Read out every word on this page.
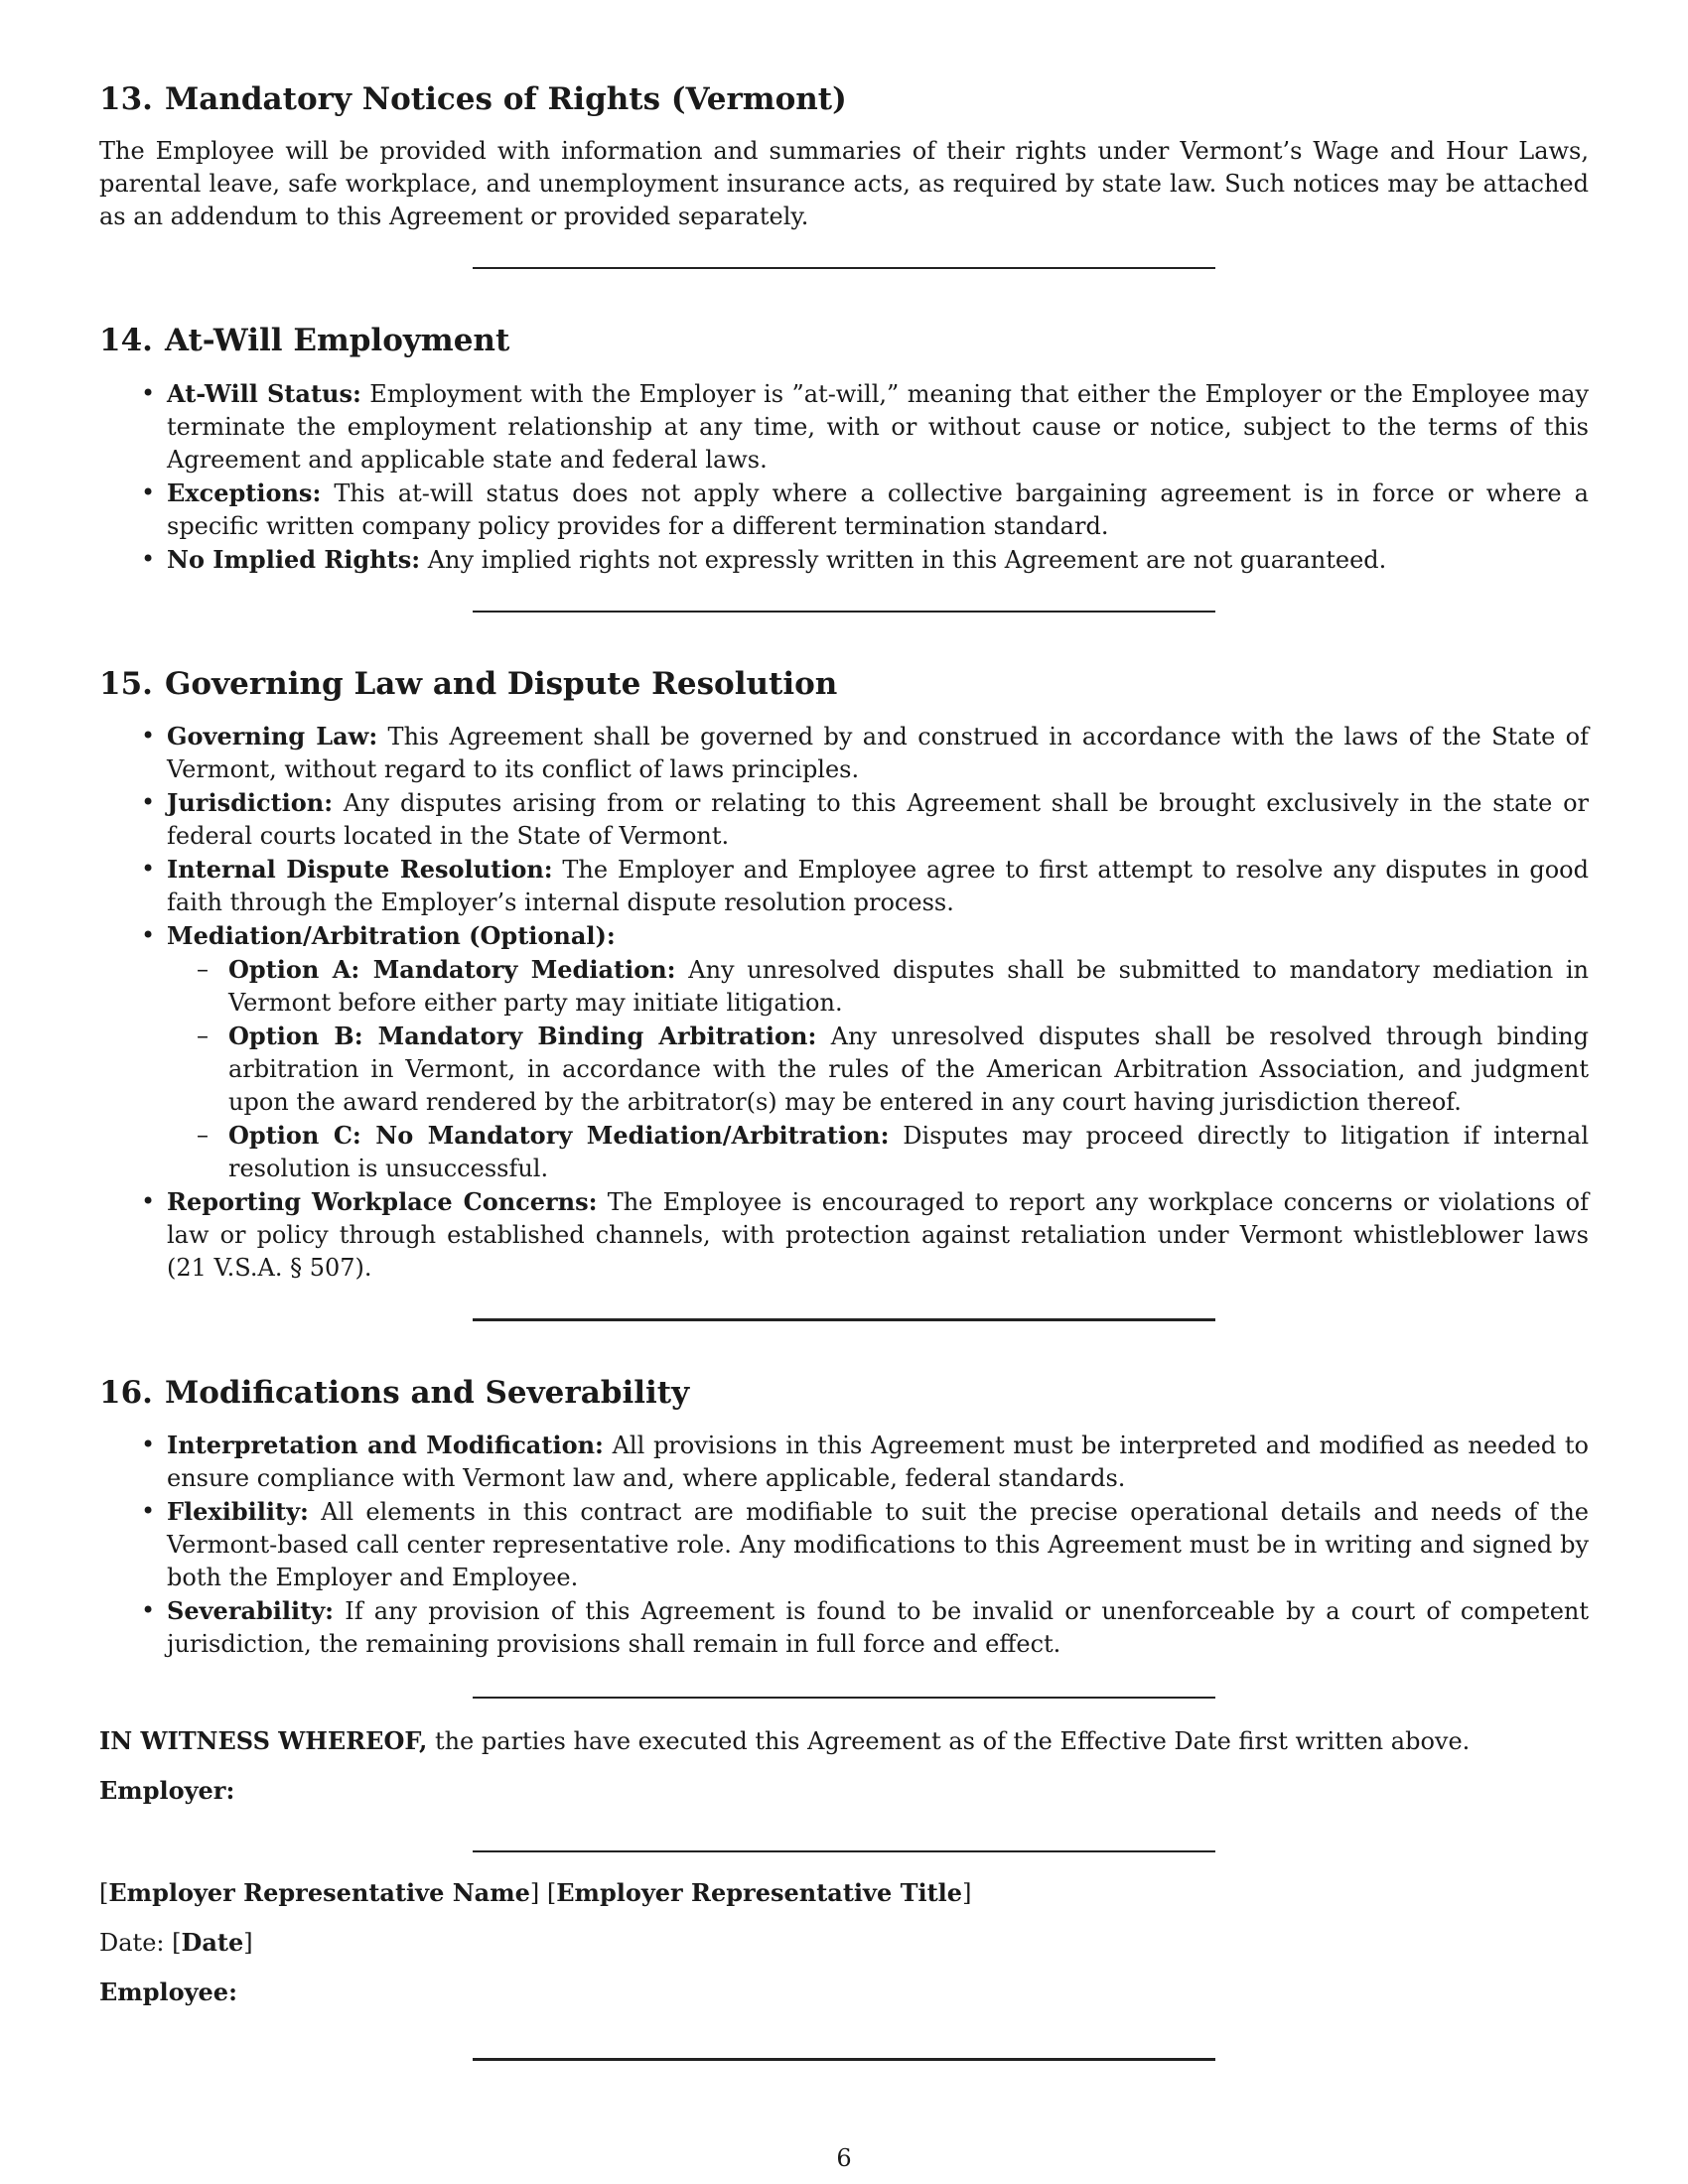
13. Mandatory Notices of Rights (Vermont)

The Employee will be provided with information and summaries of their rights under Vermont’s Wage and Hour Laws, parental leave, safe workplace, and unemployment insurance acts, as required by state law. Such notices may be attached as an addendum to this Agreement or provided separately.

14. At-Will Employment
• At-Will Status: Employment with the Employer is ”at-will,” meaning that either the Employer or the Employee may terminate the employment relationship at any time, with or without cause or notice, subject to the terms of this Agreement and applicable state and federal laws.
• Exceptions: This at-will status does not apply where a collective bargaining agreement is in force or where a specific written company policy provides for a different termination standard.
• No Implied Rights: Any implied rights not expressly written in this Agreement are not guaranteed.
15. Governing Law and Dispute Resolution
• Governing Law: This Agreement shall be governed by and construed in accordance with the laws of the State of Vermont, without regard to its conflict of laws principles.
• Jurisdiction: Any disputes arising from or relating to this Agreement shall be brought exclusively in the state or federal courts located in the State of Vermont.
• Internal Dispute Resolution: The Employer and Employee agree to first attempt to resolve any disputes in good faith through the Employer’s internal dispute resolution process.
• Mediation/Arbitration (Optional):
– Option A: Mandatory Mediation: Any unresolved disputes shall be submitted to mandatory mediation in Vermont before either party may initiate litigation.
– Option B: Mandatory Binding Arbitration: Any unresolved disputes shall be resolved through binding arbitration in Vermont, in accordance with the rules of the American Arbitration Association, and judgment upon the award rendered by the arbitrator(s) may be entered in any court having jurisdiction thereof.
– Option C: No Mandatory Mediation/Arbitration: Disputes may proceed directly to litigation if internal resolution is unsuccessful.
• Reporting Workplace Concerns: The Employee is encouraged to report any workplace concerns or violations of law or policy through established channels, with protection against retaliation under Vermont whistleblower laws (21 V.S.A. § 507).
16. Modifications and Severability
• Interpretation and Modification: All provisions in this Agreement must be interpreted and modified as needed to ensure compliance with Vermont law and, where applicable, federal standards.
• Flexibility: All elements in this contract are modifiable to suit the precise operational details and needs of the Vermont-based call center representative role. Any modifications to this Agreement must be in writing and signed by both the Employer and Employee.
• Severability: If any provision of this Agreement is found to be invalid or unenforceable by a court of competent jurisdiction, the remaining provisions shall remain in full force and effect.

IN WITNESS WHEREOF, the parties have executed this Agreement as of the Effective Date first written above.

Employer:

[Employer Representative Name] [Employer Representative Title]

Date: [Date]

Employee:

6
